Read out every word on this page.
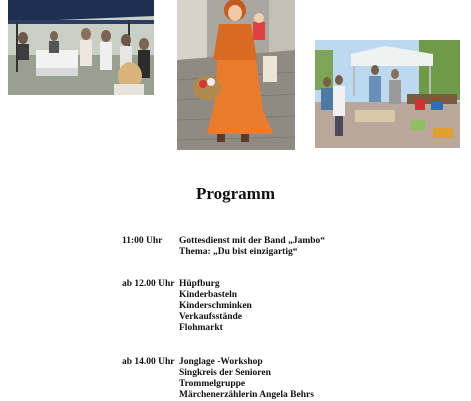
Programm
11:00 Uhr	Gottesdienst mit der Band „Jambo“
Thema: „Du bist einzigartig“
ab 12.00 Uhr Hüpfburg
Kinderbasteln
Kinderschminken
Verkaufsstände
Flohmarkt
ab 14.00 Uhr Jonglage -Workshop
Singkreis der Senioren
Trommelgruppe
Märchenerzählerin Angela Behrs
